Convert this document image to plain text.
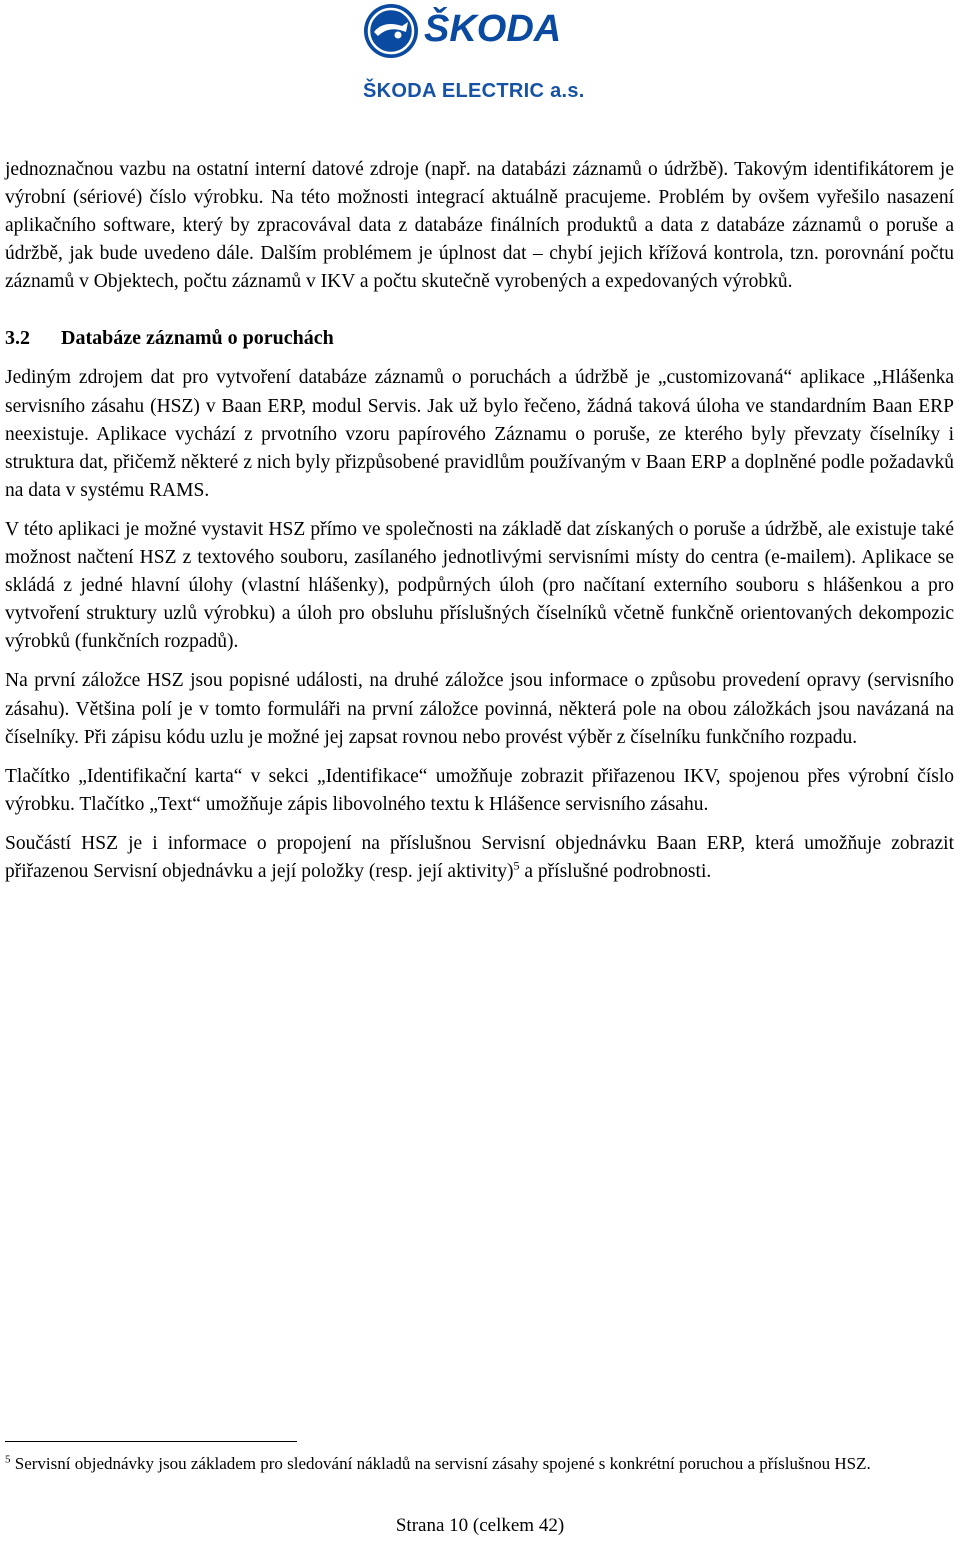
ŠKODA
ŠKODA ELECTRIC a.s.

jednoznačnou vazbu na ostatní interní datové zdroje (např. na databázi záznamů o údržbě). Takovým identifikátorem je výrobní (sériové) číslo výrobku. Na této možnosti integrací aktuálně pracujeme. Problém by ovšem vyřešilo nasazení aplikačního software, který by zpracovával data z databáze finálních produktů a data z databáze záznamů o poruše a údržbě, jak bude uvedeno dále. Dalším problémem je úplnost dat – chybí jejich křížová kontrola, tzn. porovnání počtu záznamů v Objektech, počtu záznamů v IKV a počtu skutečně vyrobených a expedovaných výrobků.

3.2 Databáze záznamů o poruchách

Jediným zdrojem dat pro vytvoření databáze záznamů o poruchách a údržbě je „customizovaná“ aplikace „Hlášenka servisního zásahu (HSZ) v Baan ERP, modul Servis. Jak už bylo řečeno, žádná taková úloha ve standardním Baan ERP neexistuje. Aplikace vychází z prvotního vzoru papírového Záznamu o poruše, ze kterého byly převzaty číselníky i struktura dat, přičemž některé z nich byly přizpůsobené pravidlům používaným v Baan ERP a doplněné podle požadavků na data v systému RAMS.

V této aplikaci je možné vystavit HSZ přímo ve společnosti na základě dat získaných o poruše a údržbě, ale existuje také možnost načtení HSZ z textového souboru, zasílaného jednotlivými servisními místy do centra (e-mailem). Aplikace se skládá z jedné hlavní úlohy (vlastní hlášenky), podpůrných úloh (pro načítaní externího souboru s hlášenkou a pro vytvoření struktury uzlů výrobku) a úloh pro obsluhu příslušných číselníků včetně funkčně orientovaných dekompozic výrobků (funkčních rozpadů).

Na první záložce HSZ jsou popisné události, na druhé záložce jsou informace o způsobu provedení opravy (servisního zásahu). Většina polí je v tomto formuláři na první záložce povinná, některá pole na obou záložkách jsou navázaná na číselníky. Při zápisu kódu uzlu je možné jej zapsat rovnou nebo provést výběr z číselníku funkčního rozpadu.

Tlačítko „Identifikační karta“ v sekci „Identifikace“ umožňuje zobrazit přiřazenou IKV, spojenou přes výrobní číslo výrobku. Tlačítko „Text“ umožňuje zápis libovolného textu k Hlášence servisního zásahu.

Součástí HSZ je i informace o propojení na příslušnou Servisní objednávku Baan ERP, která umožňuje zobrazit přiřazenou Servisní objednávku a její položky (resp. její aktivity)$^5$ a příslušné podrobnosti.

$^5$ Servisní objednávky jsou základem pro sledování nákladů na servisní zásahy spojené s konkrétní poruchou a příslušnou HSZ.
Strana 10 (celkem 42)
